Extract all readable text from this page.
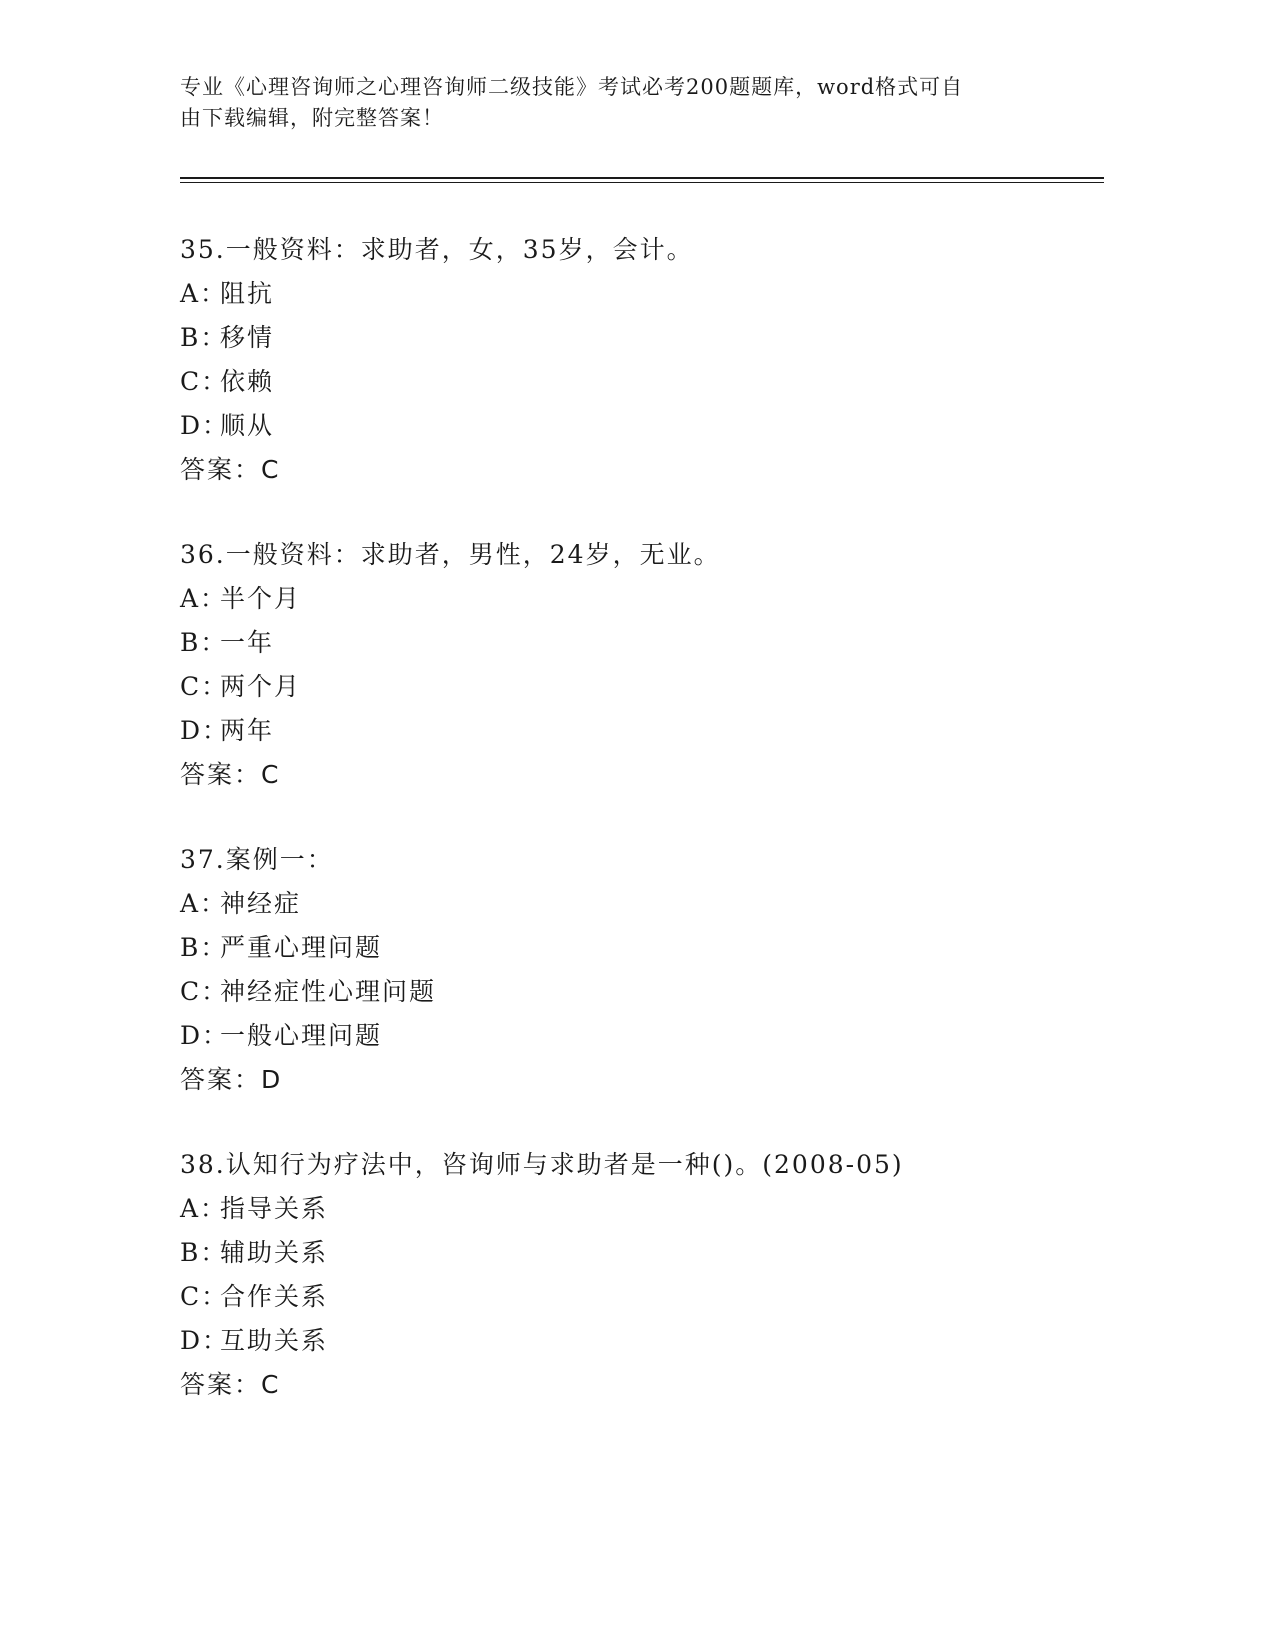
专业《心理咨询师之心理咨询师二级技能》考试必考200题题库，word格式可自
由下载编辑，附完整答案！
35.一般资料：求助者，女，35岁，会计。
A：阻抗
B：移情
C：依赖
D：顺从
答案：C
36.一般资料：求助者，男性，24岁，无业。
A：半个月
B：一年
C：两个月
D：两年
答案：C
37.案例一：
A：神经症
B：严重心理问题
C：神经症性心理问题
D：一般心理问题
答案：D
38.认知行为疗法中，咨询师与求助者是一种()。(2008-05)
A：指导关系
B：辅助关系
C：合作关系
D：互助关系
答案：C
